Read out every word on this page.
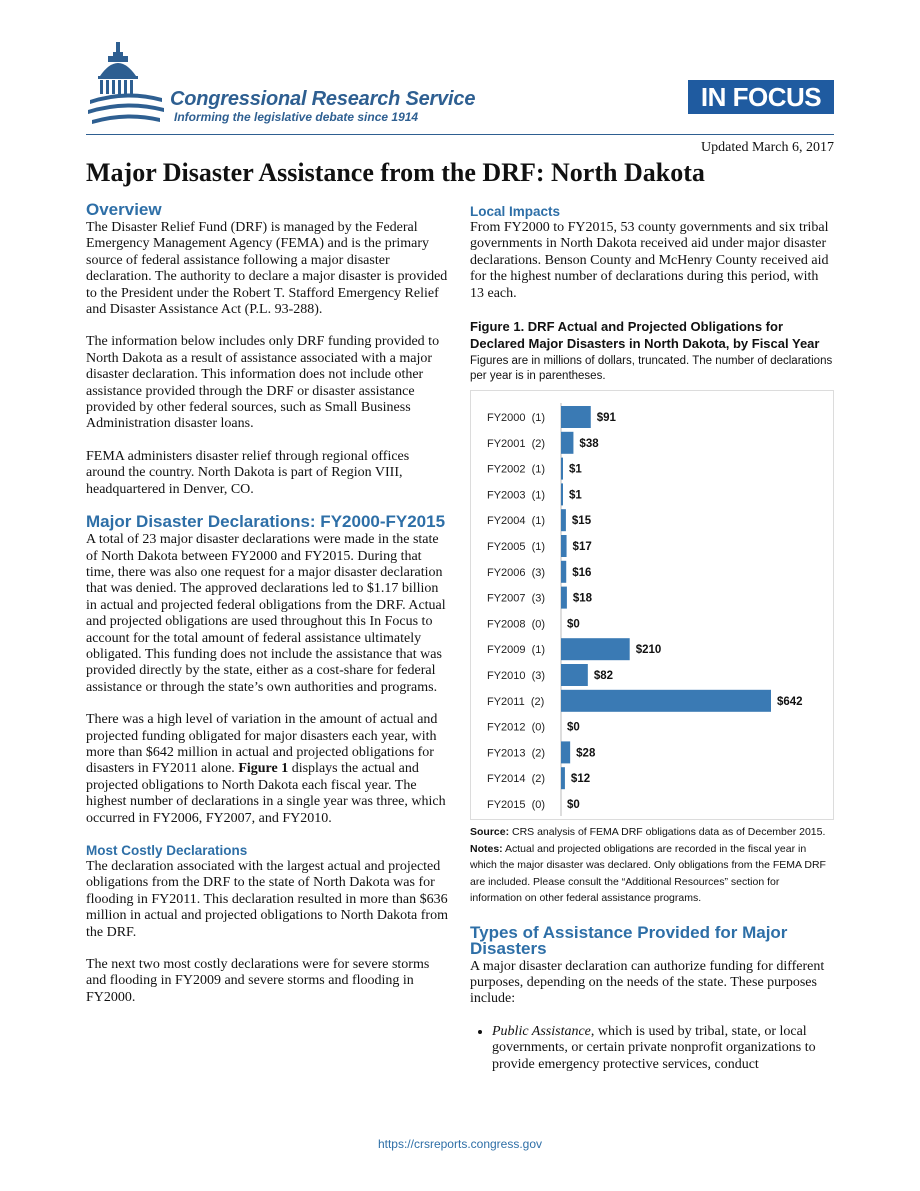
Congressional Research Service
Informing the legislative debate since 1914
IN FOCUS
Updated March 6, 2017
Major Disaster Assistance from the DRF: North Dakota
Overview

The Disaster Relief Fund (DRF) is managed by the Federal Emergency Management Agency (FEMA) and is the primary source of federal assistance following a major disaster declaration. The authority to declare a major disaster is provided to the President under the Robert T. Stafford Emergency Relief and Disaster Assistance Act (P.L. 93-288).

The information below includes only DRF funding provided to North Dakota as a result of assistance associated with a major disaster declaration. This information does not include other assistance provided through the DRF or disaster assistance provided by other federal sources, such as Small Business Administration disaster loans.

FEMA administers disaster relief through regional offices around the country. North Dakota is part of Region VIII, headquartered in Denver, CO.

Major Disaster Declarations: FY2000-FY2015

A total of 23 major disaster declarations were made in the state of North Dakota between FY2000 and FY2015. During that time, there was also one request for a major disaster declaration that was denied. The approved declarations led to $1.17 billion in actual and projected federal obligations from the DRF. Actual and projected obligations are used throughout this In Focus to account for the total amount of federal assistance ultimately obligated. This funding does not include the assistance that was provided directly by the state, either as a cost-share for federal assistance or through the state’s own authorities and programs.

There was a high level of variation in the amount of actual and projected funding obligated for major disasters each year, with more than $642 million in actual and projected obligations for disasters in FY2011 alone. Figure 1 displays the actual and projected obligations to North Dakota each fiscal year. The highest number of declarations in a single year was three, which occurred in FY2006, FY2007, and FY2010.

Most Costly Declarations

The declaration associated with the largest actual and projected obligations from the DRF to the state of North Dakota was for flooding in FY2011. This declaration resulted in more than $636 million in actual and projected obligations to North Dakota from the DRF.

The next two most costly declarations were for severe storms and flooding in FY2009 and severe storms and flooding in FY2000.

Local Impacts

From FY2000 to FY2015, 53 county governments and six tribal governments in North Dakota received aid under major disaster declarations. Benson County and McHenry County received aid for the highest number of declarations during this period, with 13 each.

Figure 1. DRF Actual and Projected Obligations for Declared Major Disasters in North Dakota, by Fiscal Year
Figures are in millions of dollars, truncated. The number of declarations per year is in parentheses.
FY2000  (1)	$91
FY2001  (2)	$38
FY2002  (1) $1
FY2003  (1) $1
FY2004  (1) $15
FY2005  (1) $17
FY2006  (3) $16
FY2007  (3) $18
FY2008  (0) $0
FY2009  (1)	$210
FY2010  (3)	$82
FY2011  (2)	$642
FY2012  (0) $0
FY2013  (2)	$28
FY2014  (2) $12
FY2015  (0) $0
Source: CRS analysis of FEMA DRF obligations data as of December 2015.
Notes: Actual and projected obligations are recorded in the fiscal year in which the major disaster was declared. Only obligations from the FEMA DRF are included. Please consult the “Additional Resources” section for information on other federal assistance programs.
Types of Assistance Provided for Major Disasters

A major disaster declaration can authorize funding for different purposes, depending on the needs of the state. These purposes include:

• Public Assistance, which is used by tribal, state, or local governments, or certain private nonprofit organizations to provide emergency protective services, conduct
https://crsreports.congress.gov
